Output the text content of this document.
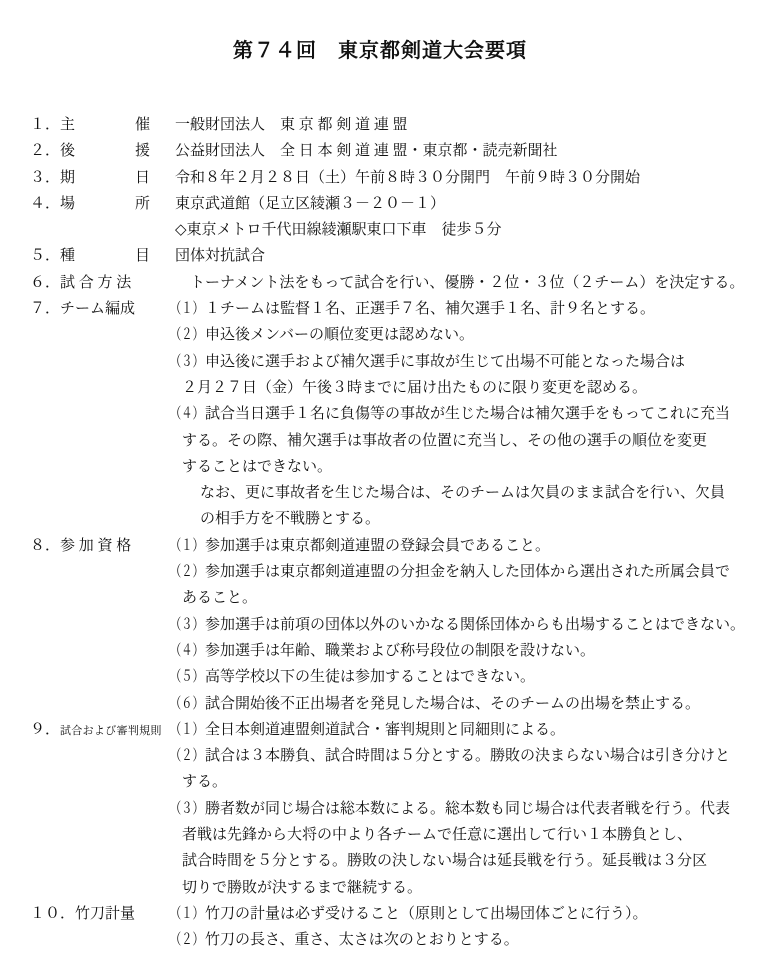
第７４回　東京都剣道大会要項
１．主　　　　催	一般財団法人　東 京 都 剣 道 連 盟
２．後　　　　援	公益財団法人　全 日 本 剣 道 連 盟・東京都・読売新聞社
３．期　　　　日	令和８年２月２８日（土）午前８時３０分開門　午前９時３０分開始
４．場　　　　所	東京武道館（足立区綾瀬３－２０－１）
◇東京メトロ千代田線綾瀬駅東口下車　徒歩５分
５．種　　　　目	団体対抗試合
６．試 合 方 法	　トーナメント法をもって試合を行い、優勝・２位・３位（２チーム）を決定する。
７．チーム編成	（１）１チームは監督１名、正選手７名、補欠選手１名、計９名とする。
（２）申込後メンバーの順位変更は認めない。
（３）申込後に選手および補欠選手に事故が生じて出場不可能となった場合は
２月２７日（金）午後３時までに届け出たものに限り変更を認める。
（４）試合当日選手１名に負傷等の事故が生じた場合は補欠選手をもってこれに充当
する。その際、補欠選手は事故者の位置に充当し、その他の選手の順位を変更
することはできない。
なお、更に事故者を生じた場合は、そのチームは欠員のまま試合を行い、欠員
の相手方を不戦勝とする。
８．参 加 資 格	（１）参加選手は東京都剣道連盟の登録会員であること。
（２）参加選手は東京都剣道連盟の分担金を納入した団体から選出された所属会員で
あること。
（３）参加選手は前項の団体以外のいかなる関係団体からも出場することはできない。
（４）参加選手は年齢、職業および称号段位の制限を設けない。
（５）高等学校以下の生徒は参加することはできない。
（６）試合開始後不正出場者を発見した場合は、そのチームの出場を禁止する。
９．試合および審判規則 （１）全日本剣道連盟剣道試合・審判規則と同細則による。
（２）試合は３本勝負、試合時間は５分とする。勝敗の決まらない場合は引き分けと
する。
（３）勝者数が同じ場合は総本数による。総本数も同じ場合は代表者戦を行う。代表
者戦は先鋒から大将の中より各チームで任意に選出して行い１本勝負とし、
試合時間を５分とする。勝敗の決しない場合は延長戦を行う。延長戦は３分区
切りで勝敗が決するまで継続する。
１０．竹刀計量	（１）竹刀の計量は必ず受けること（原則として出場団体ごとに行う）。
（２）竹刀の長さ、重さ、太さは次のとおりとする。
